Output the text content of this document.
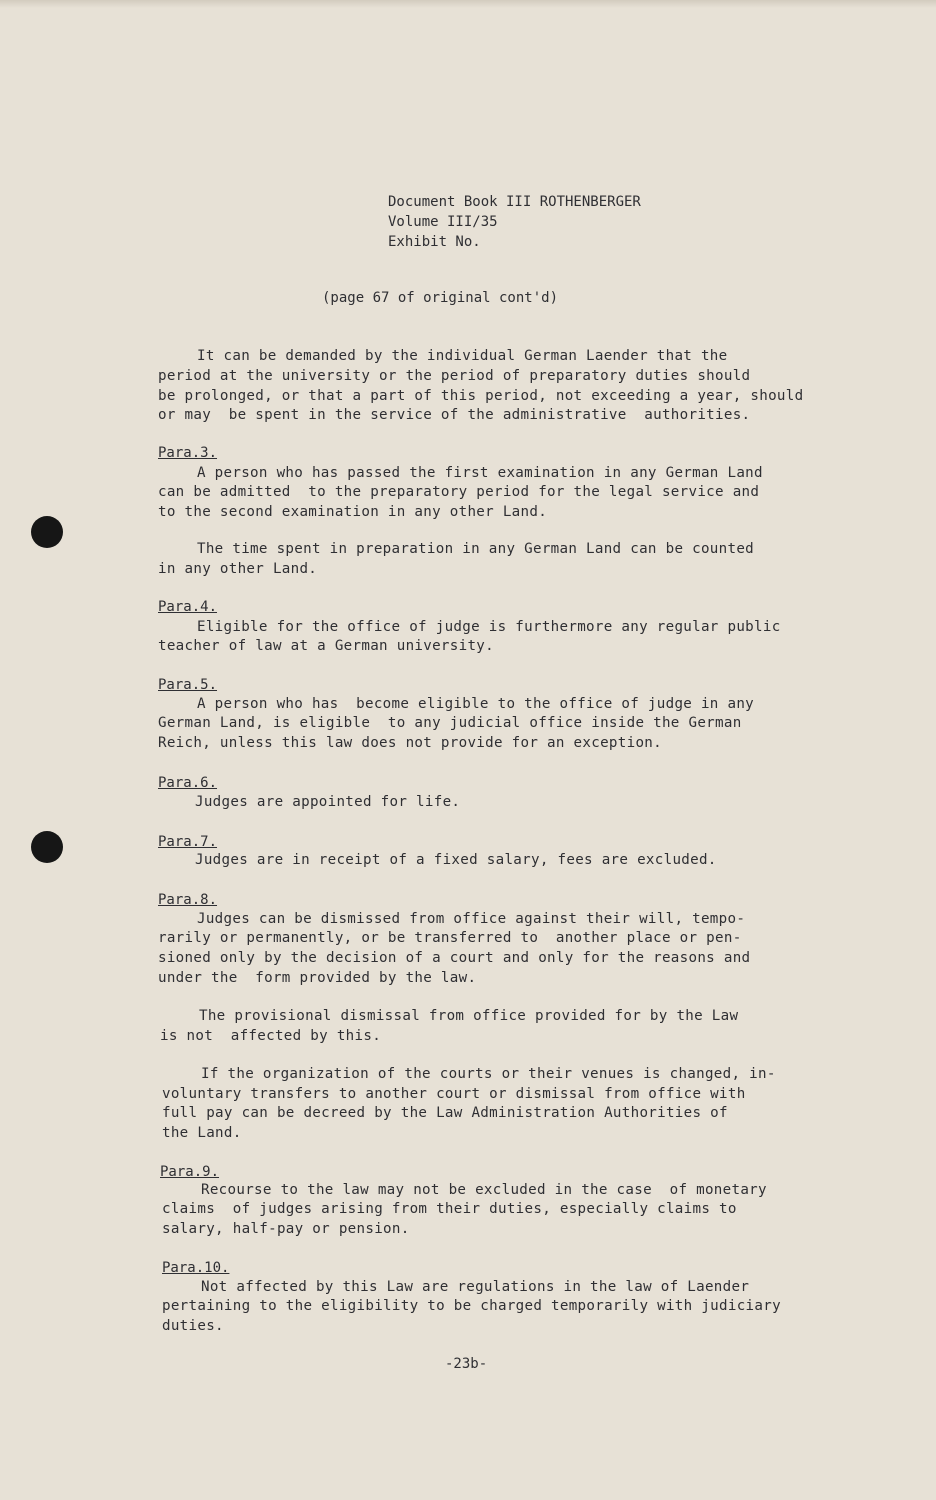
Document Book III ROTHENBERGER
Volume III/35
Exhibit No.
(page 67 of original cont'd)
It can be demanded by the individual German Laender that the
period at the university or the period of preparatory duties should
be prolonged, or that a part of this period, not exceeding a year, should
or may  be spent in the service of the administrative  authorities.
Para.3.
A person who has passed the first examination in any German Land
can be admitted  to the preparatory period for the legal service and
to the second examination in any other Land.
The time spent in preparation in any German Land can be counted
in any other Land.
Para.4.
Eligible for the office of judge is furthermore any regular public
teacher of law at a German university.
Para.5.
A person who has  become eligible to the office of judge in any
German Land, is eligible  to any judicial office inside the German
Reich, unless this law does not provide for an exception.
Para.6.
Judges are appointed for life.
Para.7.
Judges are in receipt of a fixed salary, fees are excluded.
Para.8.
Judges can be dismissed from office against their will, tempo-
rarily or permanently, or be transferred to  another place or pen-
sioned only by the decision of a court and only for the reasons and
under the  form provided by the law.
The provisional dismissal from office provided for by the Law
is not  affected by this.
If the organization of the courts or their venues is changed, in-
voluntary transfers to another court or dismissal from office with
full pay can be decreed by the Law Administration Authorities of
the Land.
Para.9.
Recourse to the law may not be excluded in the case  of monetary
claims  of judges arising from their duties, especially claims to
salary, half-pay or pension.
Para.10.
Not affected by this Law are regulations in the law of Laender
pertaining to the eligibility to be charged temporarily with judiciary
duties.
-23b-
